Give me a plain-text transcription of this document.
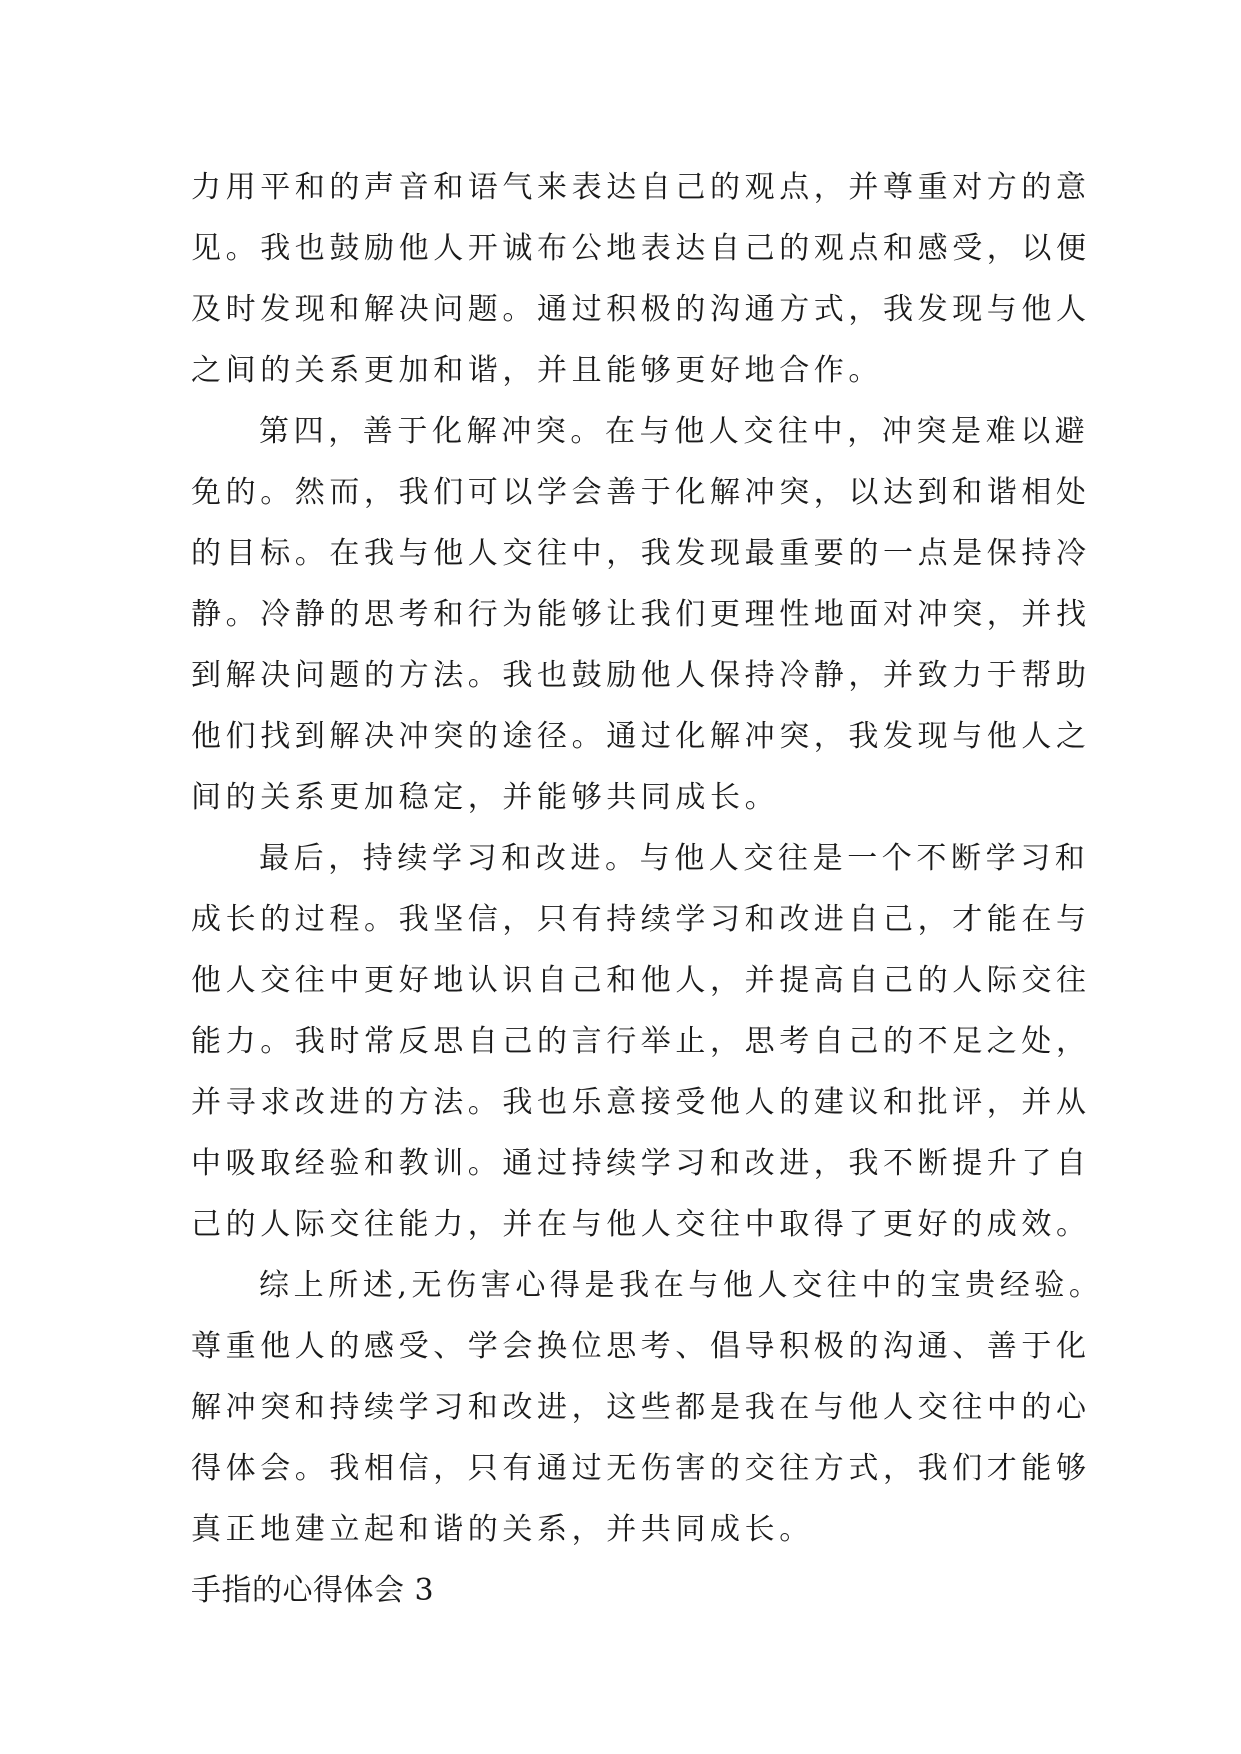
力用平和的声音和语气来表达自己的观点，并尊重对方的意
见。我也鼓励他人开诚布公地表达自己的观点和感受，以便
及时发现和解决问题。通过积极的沟通方式，我发现与他人
之间的关系更加和谐，并且能够更好地合作。
第四，善于化解冲突。在与他人交往中，冲突是难以避
免的。然而，我们可以学会善于化解冲突，以达到和谐相处
的目标。在我与他人交往中，我发现最重要的一点是保持冷
静。冷静的思考和行为能够让我们更理性地面对冲突，并找
到解决问题的方法。我也鼓励他人保持冷静，并致力于帮助
他们找到解决冲突的途径。通过化解冲突，我发现与他人之
间的关系更加稳定，并能够共同成长。
最后，持续学习和改进。与他人交往是一个不断学习和
成长的过程。我坚信，只有持续学习和改进自己，才能在与
他人交往中更好地认识自己和他人，并提高自己的人际交往
能力。我时常反思自己的言行举止，思考自己的不足之处，
并寻求改进的方法。我也乐意接受他人的建议和批评，并从
中吸取经验和教训。通过持续学习和改进，我不断提升了自
己的人际交往能力，并在与他人交往中取得了更好的成效。
综上所述,无伤害心得是我在与他人交往中的宝贵经验。
尊重他人的感受、学会换位思考、倡导积极的沟通、善于化
解冲突和持续学习和改进，这些都是我在与他人交往中的心
得体会。我相信，只有通过无伤害的交往方式，我们才能够
真正地建立起和谐的关系，并共同成长。
手指的心得体会 3
